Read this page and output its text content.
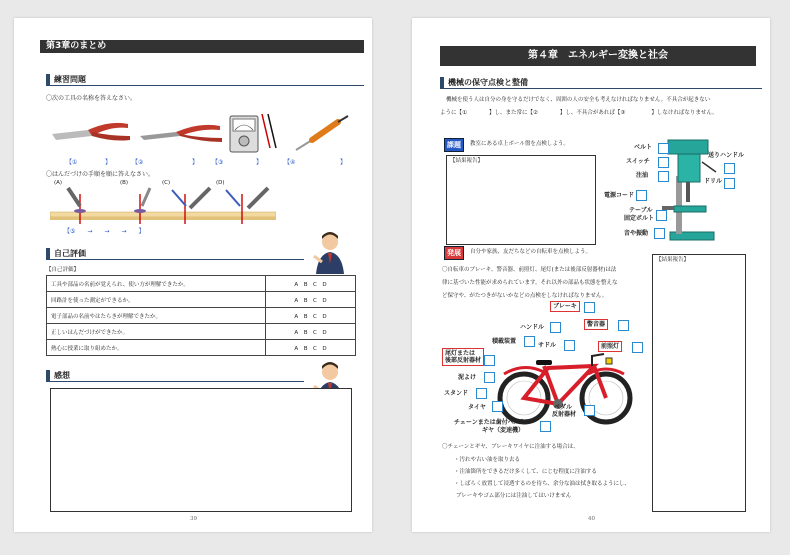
第3章のまとめ
練習問題
〇次の工具の名称を答えなさい。
【①	】	【②	】 【③	】	【④	】
〇はんだづけの手順を順に答えなさい。
(A)	(B)	(C)	(D)
【⑤　　→　　→　　→　　】
自己評価
【自己評価】
工具や部品の名前が覚えられ、使い方が理解できたか。	A　 B　 C　 D
回路計を使った測定ができるか。	A　 B　 C　 D
電子部品の名前やはたらきが理解できたか。	A　 B　 C　 D
正しいはんだづけができたか。	A　 B　 C　 D
熱心に授業に取り組めたか。	A　 B　 C　 D
感想
39
第４章　エネルギー変換と社会
機械の保守点検と整備
機械を使う人は自分の身を守るだけでなく、周囲の人の安全も考えなければなりません。不具合が起きない
ように【①	】し、また常に【②	】し、不具合があれば【③	】しなければなりません。
課題	教室にある卓上ボール盤を点検しよう。
【結果報告】
ベルト
スイッチ
注油
電源コード
テーブル
固定ボルト
音や振動
送りハンドル
ドリル
発展	自分や家族、友だちなどの自転車を点検しよう。
〇自転車のブレーキ、警音器、前照灯、尾灯(または後部反射器材)は法
律に基づいた性能が求められています。それ以外の部品も状態を整えな
ど保守や、がたつきがないかなどの点検をしなければなりません。
【結果報告】
ブレーキ
ハンドル	警音器
積載装置
サドル	前照灯
尾灯または
後部反射器材
泥よけ
スタンド
タイヤ	ペダル
反射器材
チェーンまたは歯付ベルト
ギヤ（変速機）
〇チェーンとギヤ、ブレーキワイヤに注油する場合は、
・汚れや古い油を取り去る
・注油箇所をできるだけ多くして、にじむ程度に注油する
・しばらく放置して浸透するのを待ち、余分な油は拭き取るようにし、
ブレーキやゴム部分には注油してはいけません
40
